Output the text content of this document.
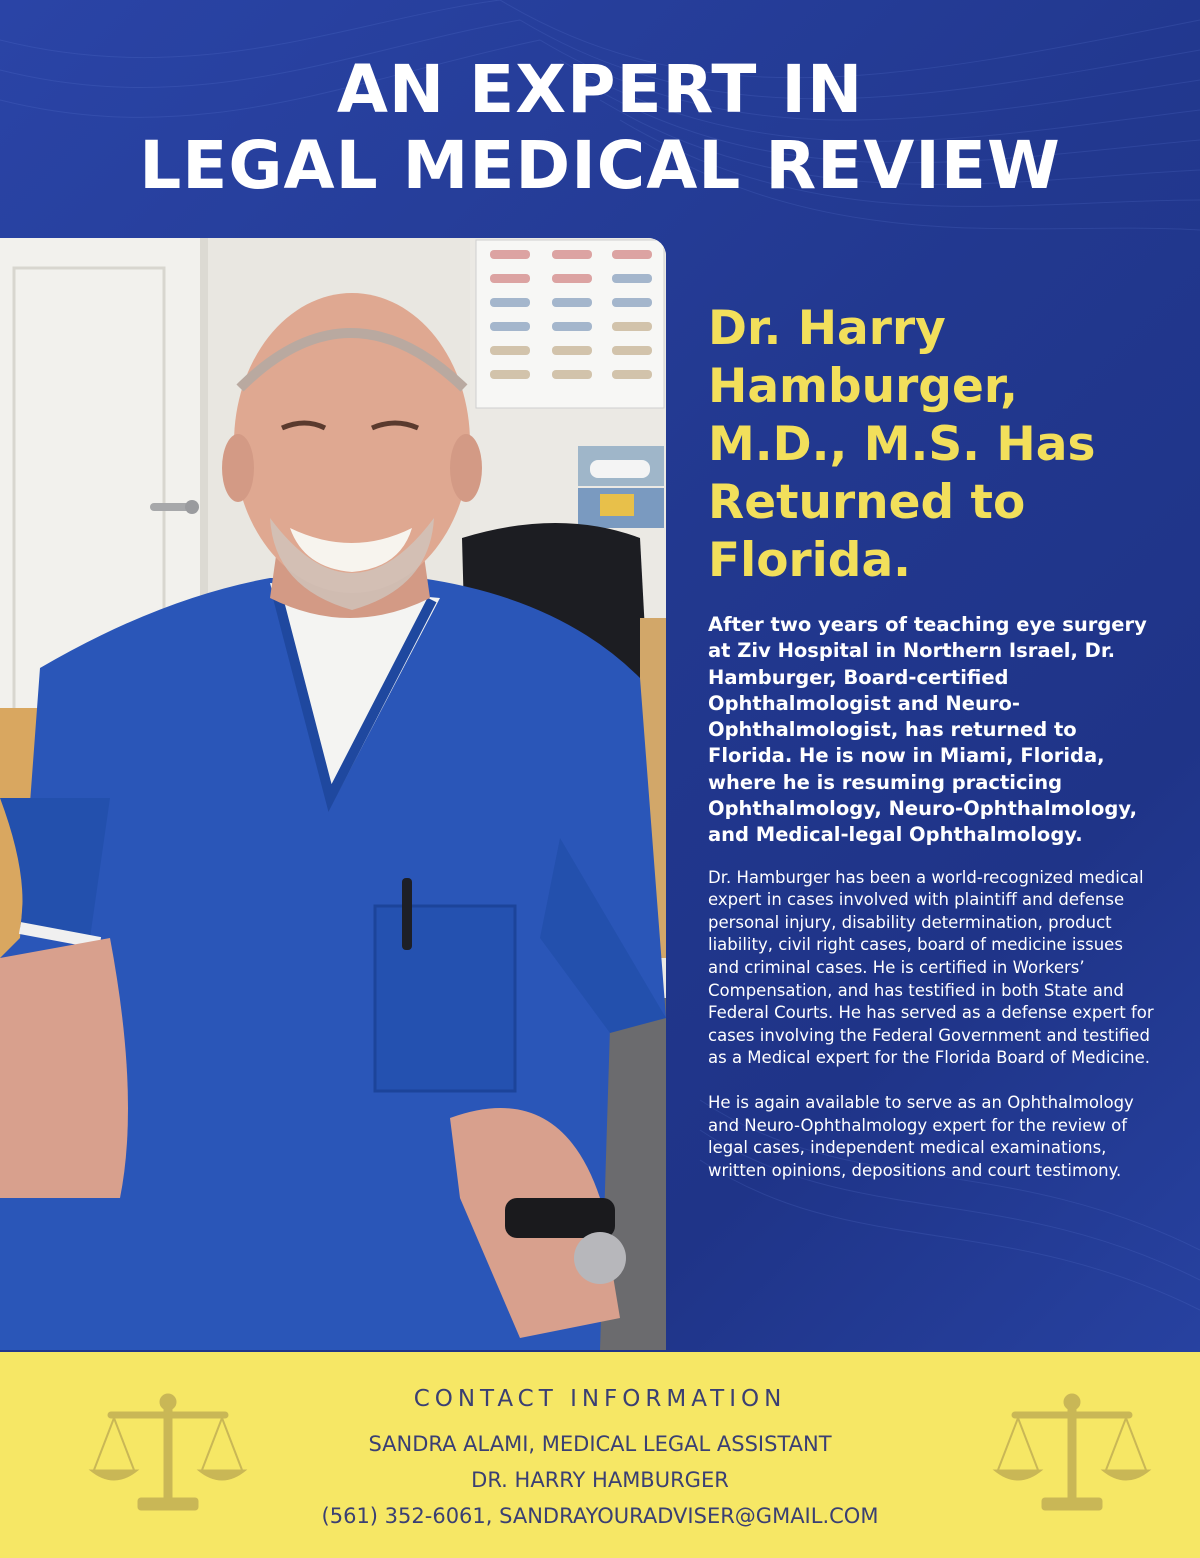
AN EXPERT IN
LEGAL MEDICAL REVIEW
Dr. Harry Hamburger, M.D., M.S. Has Returned to Florida.

After two years of teaching eye surgery at Ziv Hospital in Northern Israel, Dr. Hamburger, Board-certified Ophthalmologist and Neuro-Ophthalmologist, has returned to Florida. He is now in Miami, Florida, where he is resuming practicing Ophthalmology, Neuro-Ophthalmology, and Medical-legal Ophthalmology.

Dr. Hamburger has been a world-recognized medical expert in cases involved with plaintiff and defense personal injury, disability determination, product liability, civil right cases, board of medicine issues and criminal cases. He is certified in Workers’ Compensation, and has testified in both State and Federal Courts. He has served as a defense expert for cases involving the Federal Government and testified as a Medical expert for the Florida Board of Medicine.

He is again available to serve as an Ophthalmology and Neuro-Ophthalmology expert for the review of legal cases, independent medical examinations, written opinions, depositions and court testimony.

CONTACT INFORMATION

SANDRA ALAMI, MEDICAL LEGAL ASSISTANT

DR. HARRY HAMBURGER

(561) 352-6061, SANDRAYOURADVISER@GMAIL.COM
